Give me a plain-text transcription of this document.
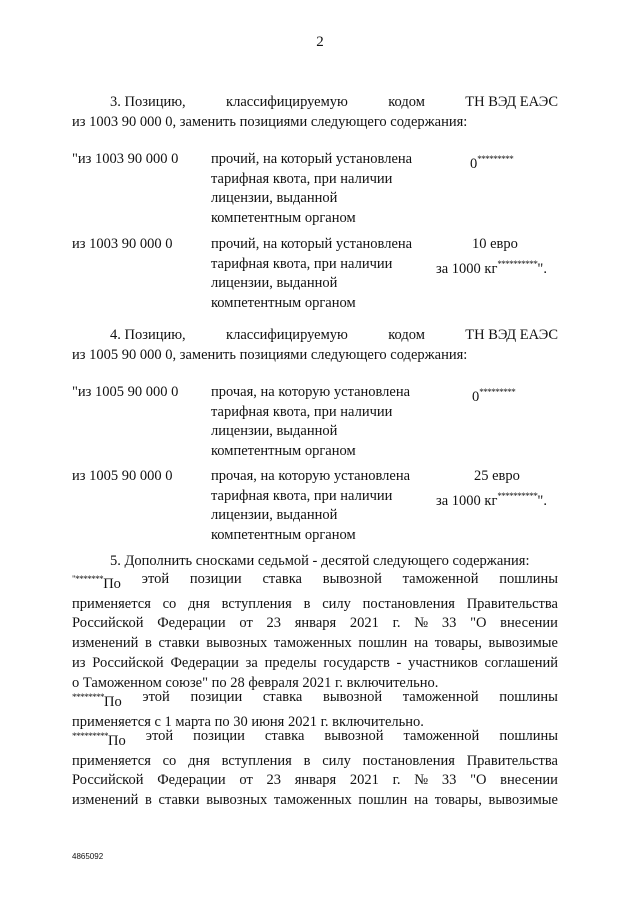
2
3. Позицию,	классифицируемую	кодом	ТН ВЭД ЕАЭС
из 1003 90 000 0, заменить позициями следующего содержания:
"из 1003 90 000 0 прочий, на который установлена
тарифная квота, при наличии
лицензии, выданной
компетентным органом
0*********
из 1003 90 000 0	прочий, на который установлена
тарифная квота, при наличии
лицензии, выданной
компетентным органом
10 евро
за 1000 кг**********".
4. Позицию,	классифицируемую	кодом	ТН ВЭД ЕАЭС
из 1005 90 000 0, заменить позициями следующего содержания:
"из 1005 90 000 0 прочая, на которую установлена
тарифная квота, при наличии
лицензии, выданной
компетентным органом
0*********
из 1005 90 000 0	прочая, на которую установлена
тарифная квота, при наличии
лицензии, выданной
компетентным органом
25 евро
за 1000 кг**********".
5. Дополнить сносками седьмой - десятой следующего содержания:
"*******По этой позиции ставка вывозной таможенной пошлины
применяется со дня вступления в силу постановления Правительства
Российской Федерации от 23 января 2021 г. № 33 "О внесении
изменений в ставки вывозных таможенных пошлин на товары, вывозимые
из Российской Федерации за пределы государств - участников соглашений
о Таможенном союзе" по 28 февраля 2021 г. включительно.
********По этой позиции ставка вывозной таможенной пошлины
применяется с 1 марта по 30 июня 2021 г. включительно.
*********По этой позиции ставка вывозной таможенной пошлины
применяется со дня вступления в силу постановления Правительства
Российской Федерации от 23 января 2021 г. № 33 "О внесении
изменений в ставки вывозных таможенных пошлин на товары, вывозимые
4865092
